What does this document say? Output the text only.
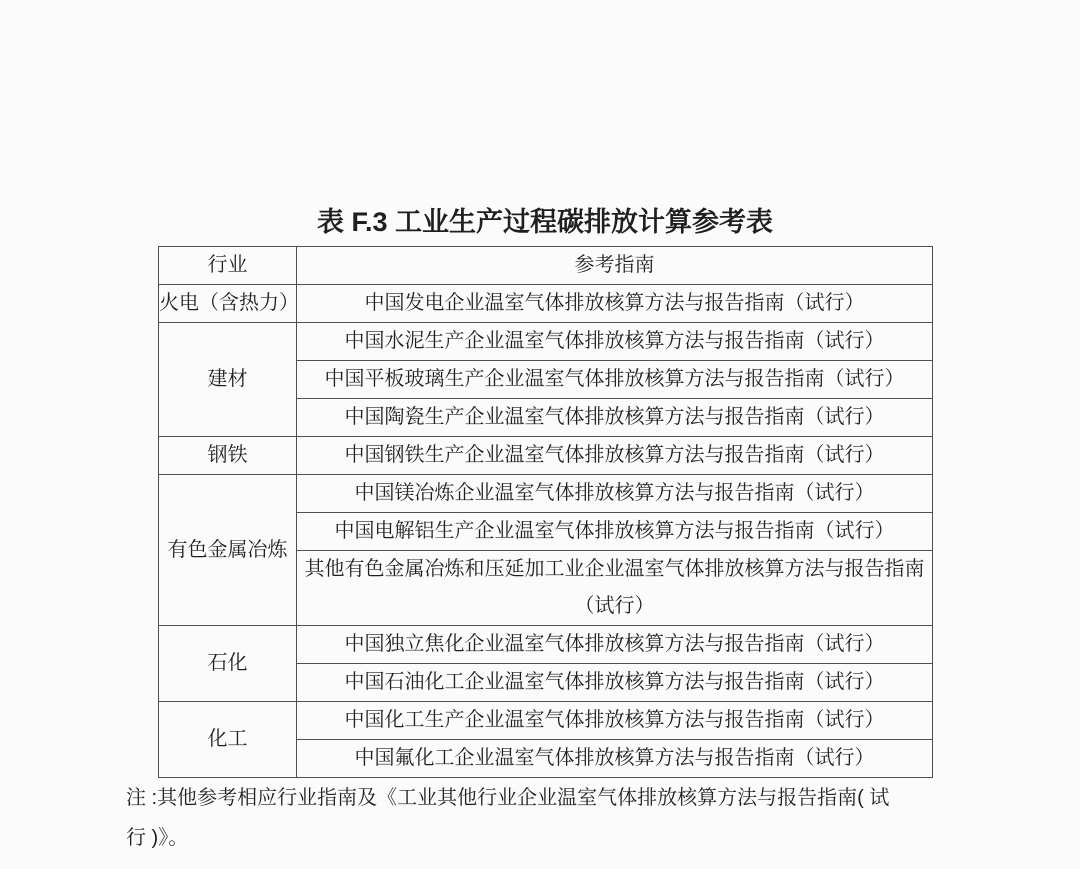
表 F.3 工业生产过程碳排放计算参考表
行业	参考指南
火电（含热力）	中国发电企业温室气体排放核算方法与报告指南（试行）
建材	中国水泥生产企业温室气体排放核算方法与报告指南（试行）
	中国平板玻璃生产企业温室气体排放核算方法与报告指南（试行）
	中国陶瓷生产企业温室气体排放核算方法与报告指南（试行）
钢铁	中国钢铁生产企业温室气体排放核算方法与报告指南（试行）
有色金属冶炼	中国镁冶炼企业温室气体排放核算方法与报告指南（试行）
	中国电解铝生产企业温室气体排放核算方法与报告指南（试行）
	其他有色金属冶炼和压延加工业企业温室气体排放核算方法与报告指南（试行）
石化	中国独立焦化企业温室气体排放核算方法与报告指南（试行）
	中国石油化工企业温室气体排放核算方法与报告指南（试行）
化工	中国化工生产企业温室气体排放核算方法与报告指南（试行）
	中国氟化工企业温室气体排放核算方法与报告指南（试行）
注 :其他参考相应行业指南及《工业其他行业企业温室气体排放核算方法与报告指南( 试
行 )》。
